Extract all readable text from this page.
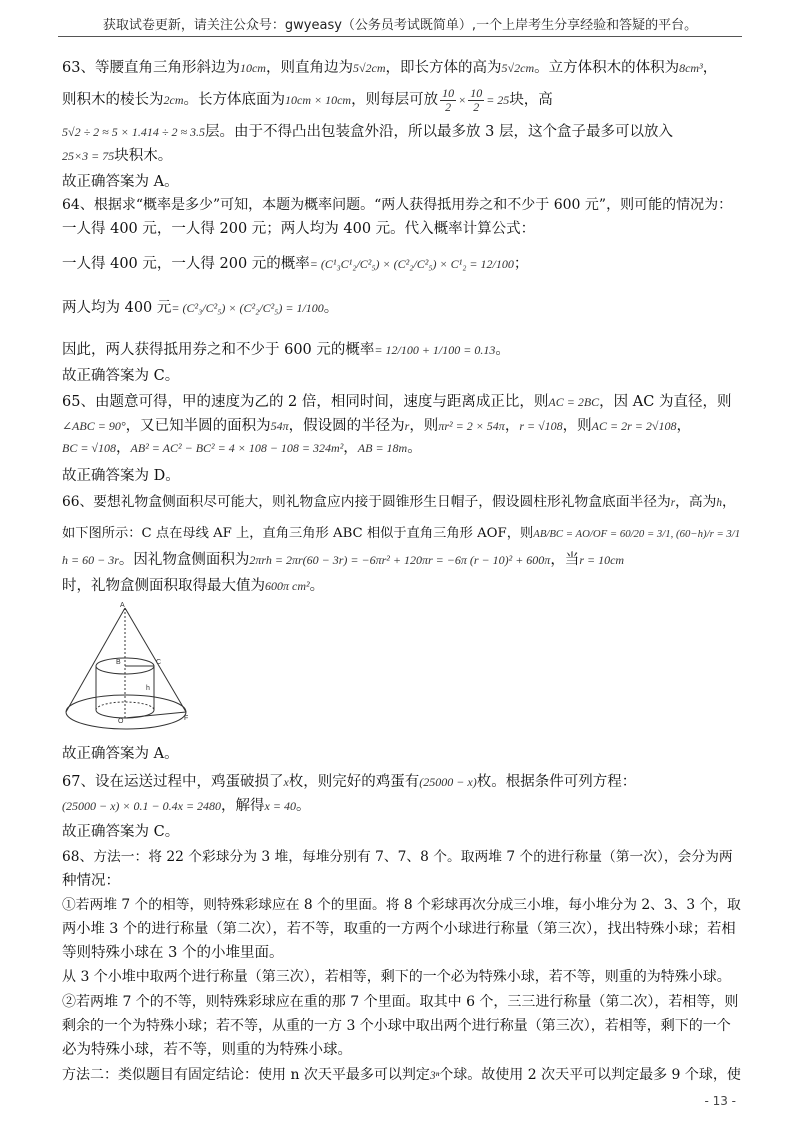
获取试卷更新，请关注公众号：gwyeasy（公务员考试既简单）,一个上岸考生分享经验和答疑的平台。
63、等腰直角三角形斜边为10cm，则直角边为5√2cm，即长方体的高为5√2cm。立方体积木的体积为8cm³，
则积木的棱长为2cm。长方体底面为10cm × 10cm，则每层可放 $\frac{10}{2} \times \frac{10}{2} = 25$块，高
5√2 ÷ 2 ≈ 5 × 1.414 ÷ 2 ≈ 3.5层。由于不得凸出包装盒外沿，所以最多放 3 层，这个盒子最多可以放入
25×3 = 75块积木。
故正确答案为 A。
64、根据求“概率是多少”可知，本题为概率问题。“两人获得抵用券之和不少于 600 元”，则可能的情况为：
一人得 400 元，一人得 200 元；两人均为 400 元。代入概率计算公式：
一人得 400 元，一人得 200 元的概率= (C¹₃C¹₂/C²₅) × (C²₂/C²₅) × C¹₂ = 12/100；
两人均为 400 元= (C²₃/C²₅) × (C²₂/C²₅) = 1/100。
因此，两人获得抵用券之和不少于 600 元的概率= 12/100 + 1/100 = 0.13。
故正确答案为 C。
65、由题意可得，甲的速度为乙的 2 倍，相同时间，速度与距离成正比，则AC = 2BC，因 AC 为直径，则
∠ABC = 90°，又已知半圆的面积为54π，假设圆的半径为r，则πr² = 2 × 54π，r = √108，则AC = 2r = 2√108，
BC = √108，AB² = AC² − BC² = 4 × 108 − 108 = 324m²，AB = 18m。
故正确答案为 D。
66、要想礼物盒侧面积尽可能大，则礼物盒应内接于圆锥形生日帽子，假设圆柱形礼物盒底面半径为r，高为h，
如下图所示：C 点在母线 AF 上，直角三角形 ABC 相似于直角三角形 AOF，则AB/BC = AO/OF = 60/20 = 3/1, (60−h)/r = 3/1
h = 60 − 3r。因礼物盒侧面积为2πrh = 2πr(60 − 3r) = −6πr² + 120πr = −6π (r − 10)² + 600π，当r = 10cm
时，礼物盒侧面积取得最大值为600π cm²。
A
B	C
h
O	F
故正确答案为 A。
67、设在运送过程中，鸡蛋破损了x枚，则完好的鸡蛋有(25000 − x)枚。根据条件可列方程：
(25000 − x) × 0.1 − 0.4x = 2480，解得x = 40。
故正确答案为 C。
68、方法一：将 22 个彩球分为 3 堆，每堆分别有 7、7、8 个。取两堆 7 个的进行称量（第一次），会分为两
种情况：
①若两堆 7 个的相等，则特殊彩球应在 8 个的里面。将 8 个彩球再次分成三小堆，每小堆分为 2、3、3 个，取
两小堆 3 个的进行称量（第二次），若不等，取重的一方两个小球进行称量（第三次），找出特殊小球；若相
等则特殊小球在 3 个的小堆里面。
从 3 个小堆中取两个进行称量（第三次），若相等，剩下的一个必为特殊小球，若不等，则重的为特殊小球。
②若两堆 7 个的不等，则特殊彩球应在重的那 7 个里面。取其中 6 个，三三进行称量（第二次），若相等，则
剩余的一个为特殊小球；若不等，从重的一方 3 个小球中取出两个进行称量（第三次），若相等，剩下的一个
必为特殊小球，若不等，则重的为特殊小球。
方法二：类似题目有固定结论：使用 n 次天平最多可以判定3ⁿ个球。故使用 2 次天平可以判定最多 9 个球，使
- 13 -
